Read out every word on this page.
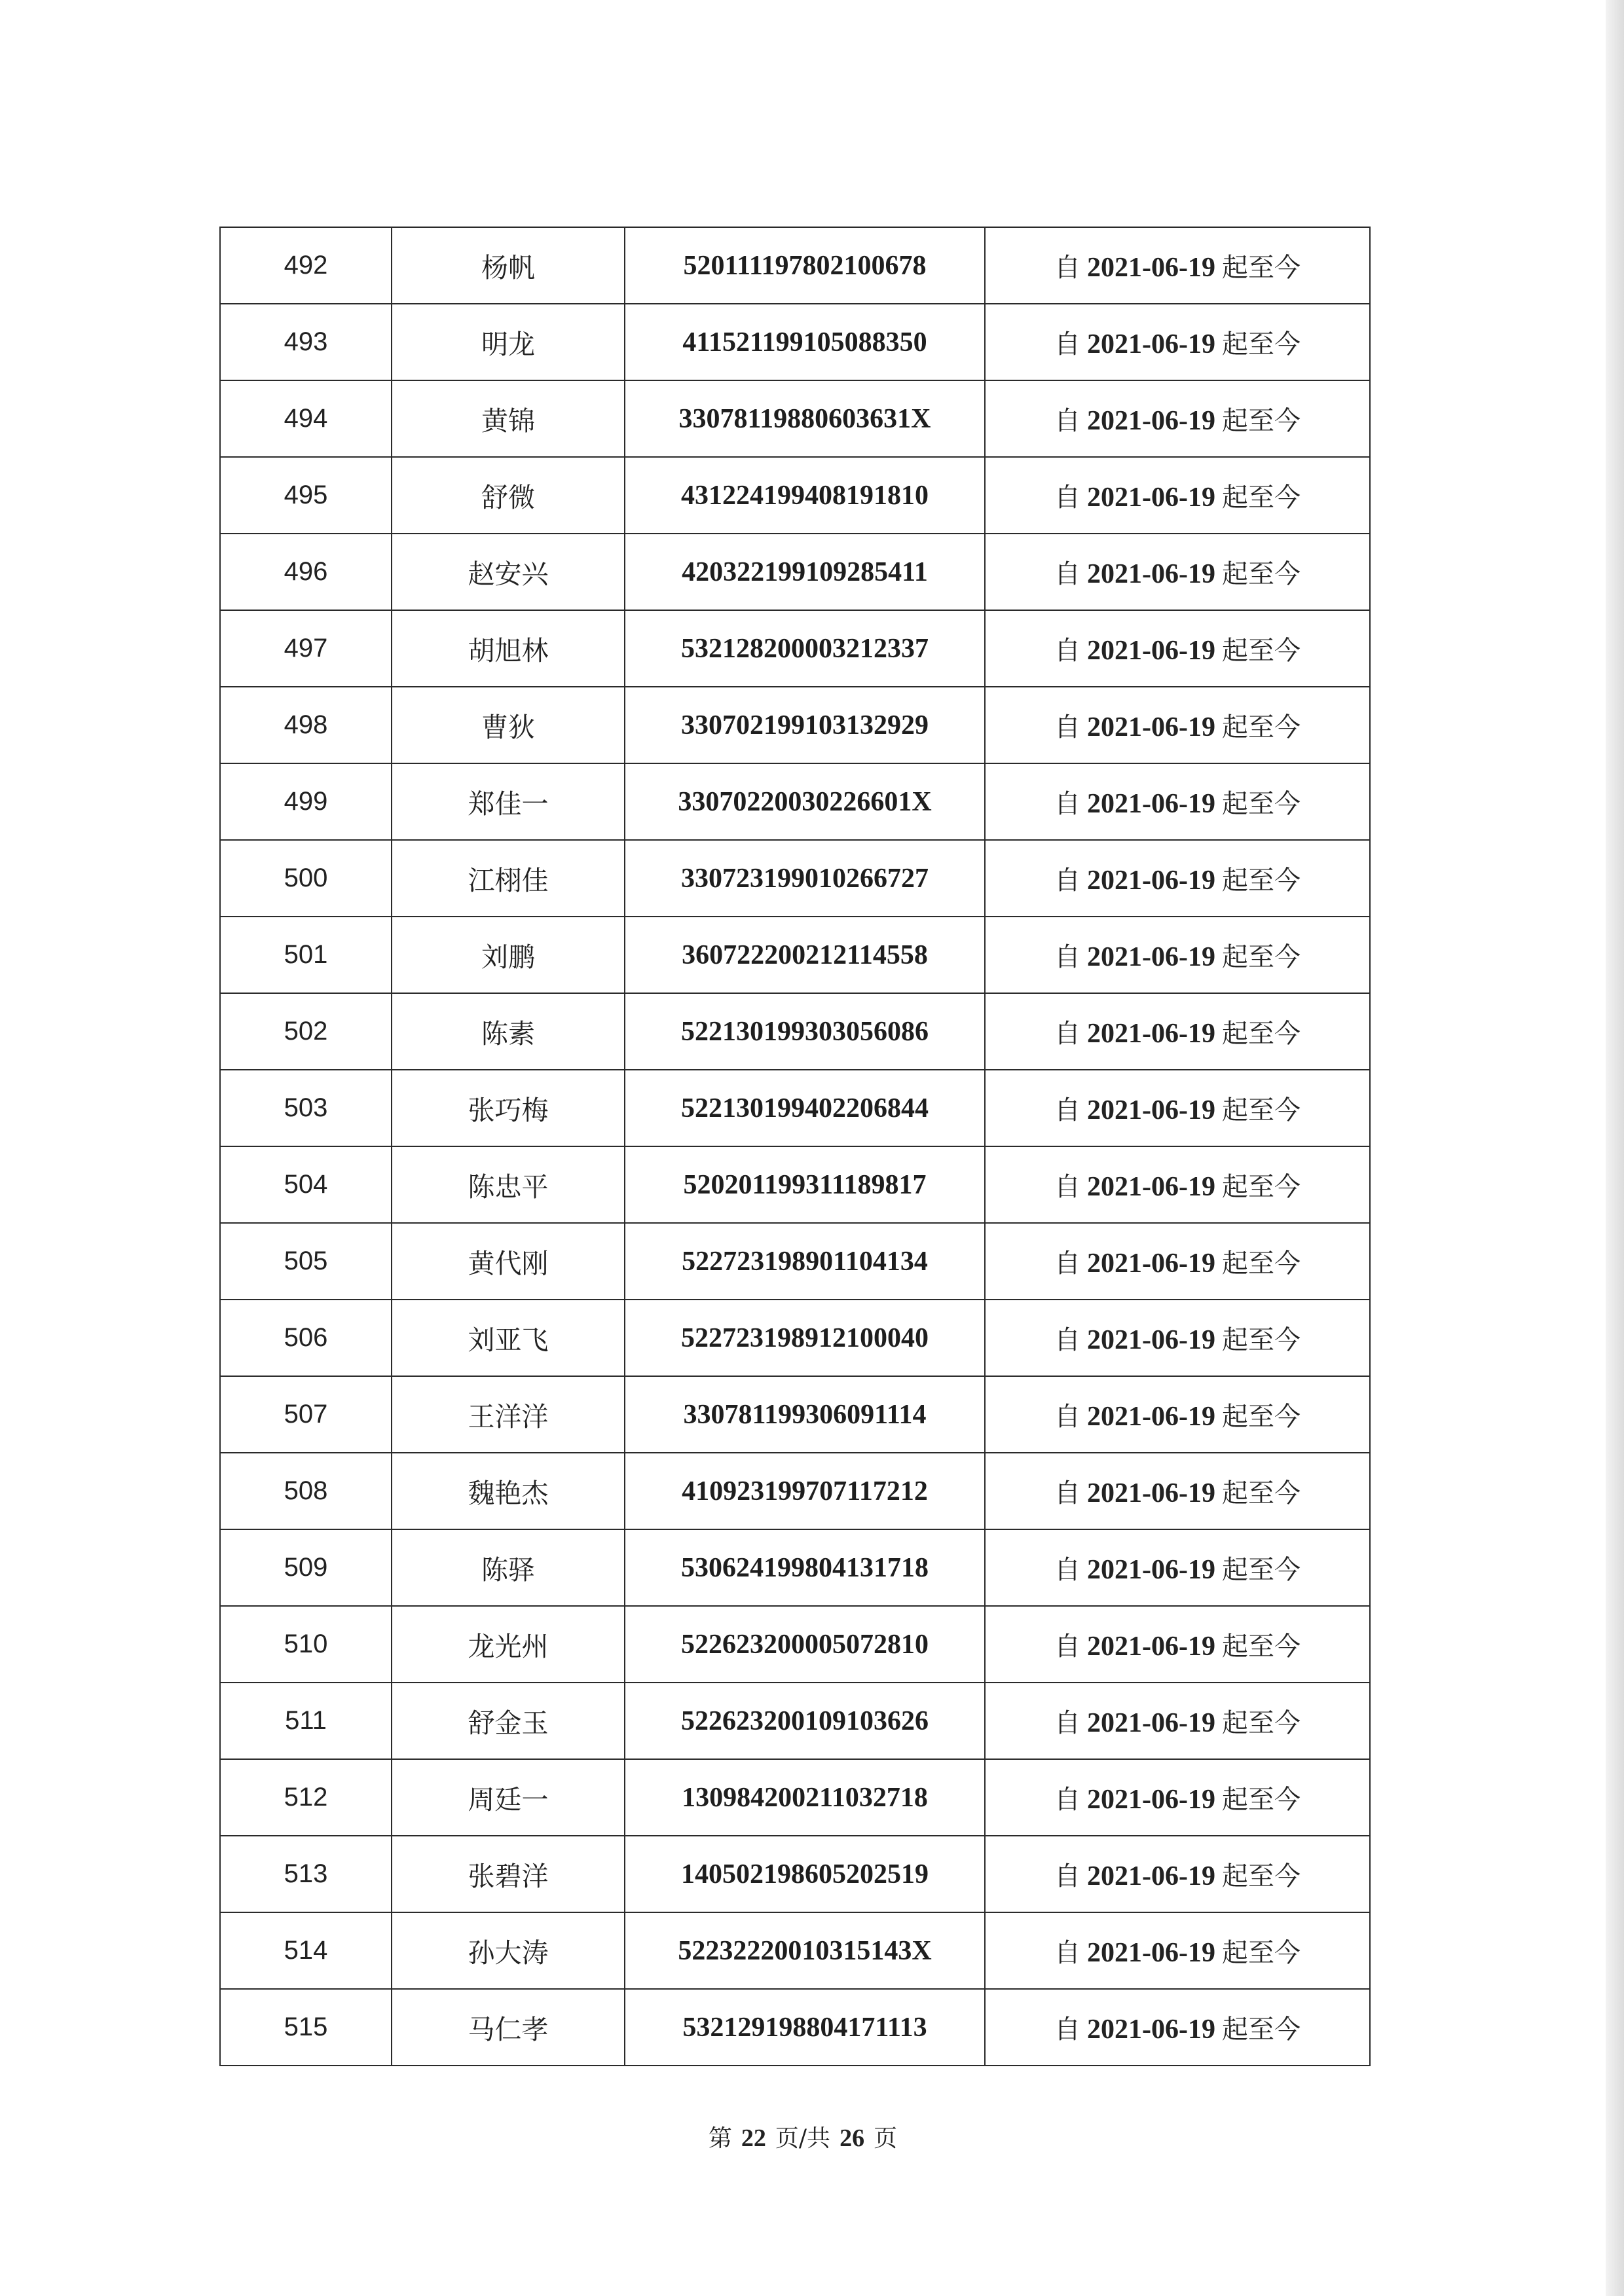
492	杨帆	520111197802100678	自 2021-06-19 起至今
493	明龙	411521199105088350	自 2021-06-19 起至今
494	黄锦	33078119880603631X	自 2021-06-19 起至今
495	舒微	431224199408191810	自 2021-06-19 起至今
496	赵安兴	420322199109285411	自 2021-06-19 起至今
497	胡旭林	532128200003212337	自 2021-06-19 起至今
498	曹狄	330702199103132929	自 2021-06-19 起至今
499	郑佳一	33070220030226601X	自 2021-06-19 起至今
500	江栩佳	330723199010266727	自 2021-06-19 起至今
501	刘鹏	360722200212114558	自 2021-06-19 起至今
502	陈素	522130199303056086	自 2021-06-19 起至今
503	张巧梅	522130199402206844	自 2021-06-19 起至今
504	陈忠平	520201199311189817	自 2021-06-19 起至今
505	黄代刚	522723198901104134	自 2021-06-19 起至今
506	刘亚飞	522723198912100040	自 2021-06-19 起至今
507	王洋洋	330781199306091114	自 2021-06-19 起至今
508	魏艳杰	410923199707117212	自 2021-06-19 起至今
509	陈驿	530624199804131718	自 2021-06-19 起至今
510	龙光州	522623200005072810	自 2021-06-19 起至今
511	舒金玉	522623200109103626	自 2021-06-19 起至今
512	周廷一	130984200211032718	自 2021-06-19 起至今
513	张碧洋	140502198605202519	自 2021-06-19 起至今
514	孙大涛	52232220010315143X	自 2021-06-19 起至今
515	马仁孝	532129198804171113	自 2021-06-19 起至今
第 22 页/共 26 页
